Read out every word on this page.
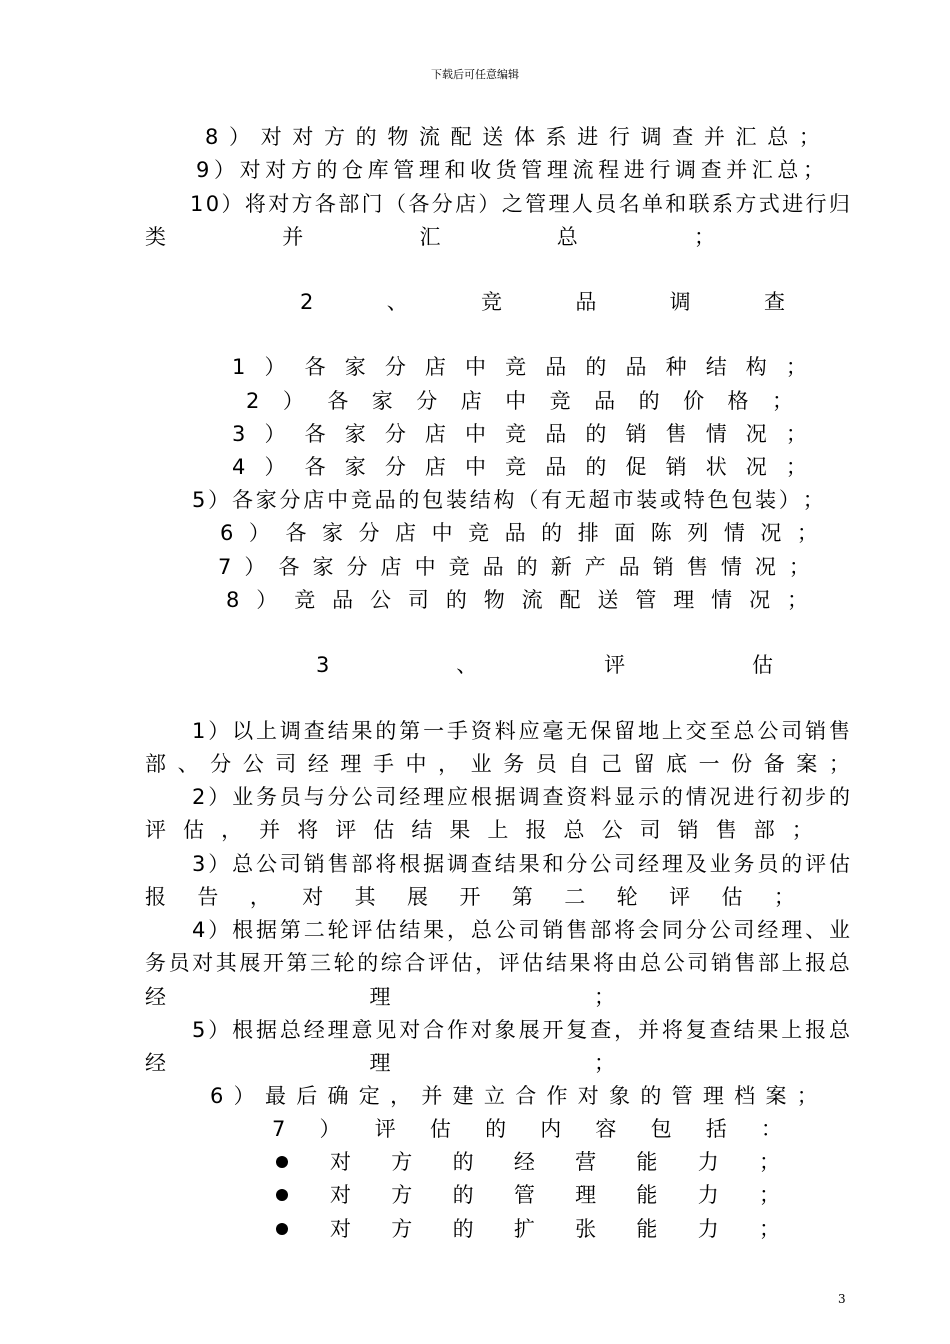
下载后可任意编辑
8 ） 对 对 方 的 物 流 配 送 体 系 进 行 调 查 并 汇 总 ；
9 ） 对 对 方 的 仓 库 管 理 和 收 货 管 理 流 程 进 行 调 查 并 汇 总 ；
1 0 ） 将 对 方 各 部 门 （ 各 分 店 ） 之 管 理 人 员 名 单 和 联 系 方 式 进 行 归
类	并	汇	总	；
2	、	竞	品	调	查
1 ） 各 家 分 店 中 竞 品 的 品 种 结 构 ；
2 ） 各 家 分 店 中 竞 品 的 价 格 ；
3 ） 各 家 分 店 中 竞 品 的 销 售 情 况 ；
4 ） 各 家 分 店 中 竞 品 的 促 销 状 况 ；
5 ） 各 家 分 店 中 竞 品 的 包 装 结 构 （ 有 无 超 市 装 或 特 色 包 装 ） ；
6 ） 各 家 分 店 中 竞 品 的 排 面 陈 列 情 况 ；
7 ） 各 家 分 店 中 竞 品 的 新 产 品 销 售 情 况 ；
8 ） 竞 品 公 司 的 物 流 配 送 管 理 情 况 ；
3	、	评	估
1 ） 以 上 调 查 结 果 的 第 一 手 资 料 应 毫 无 保 留 地 上 交 至 总 公 司 销 售
部 、 分 公 司 经 理 手 中 ， 业 务 员 自 己 留 底 一 份 备 案 ；
2 ） 业 务 员 与 分 公 司 经 理 应 根 据 调 查 资 料 显 示 的 情 况 进 行 初 步 的
评 估 ， 并 将 评 估 结 果 上 报 总 公 司 销 售 部 ；
3 ） 总 公 司 销 售 部 将 根 据 调 查 结 果 和 分 公 司 经 理 及 业 务 员 的 评 估
报 告 ， 对 其 展 开 第 二 轮 评 估 ；
4 ） 根 据 第 二 轮 评 估 结 果 ， 总 公 司 销 售 部 将 会 同 分 公 司 经 理 、 业
务 员 对 其 展 开 第 三 轮 的 综 合 评 估 ， 评 估 结 果 将 由 总 公 司 销 售 部 上 报 总
经	理	；
5 ） 根 据 总 经 理 意 见 对 合 作 对 象 展 开 复 查 ， 并 将 复 查 结 果 上 报 总
经	理	；
6 ） 最 后 确 定 ， 并 建 立 合 作 对 象 的 管 理 档 案 ；
7 ） 评 估 的 内 容 包 括 ：
对 方 的 经 营 能 力 ；
对 方 的 管 理 能 力 ；
对 方 的 扩 张 能 力 ；
3
